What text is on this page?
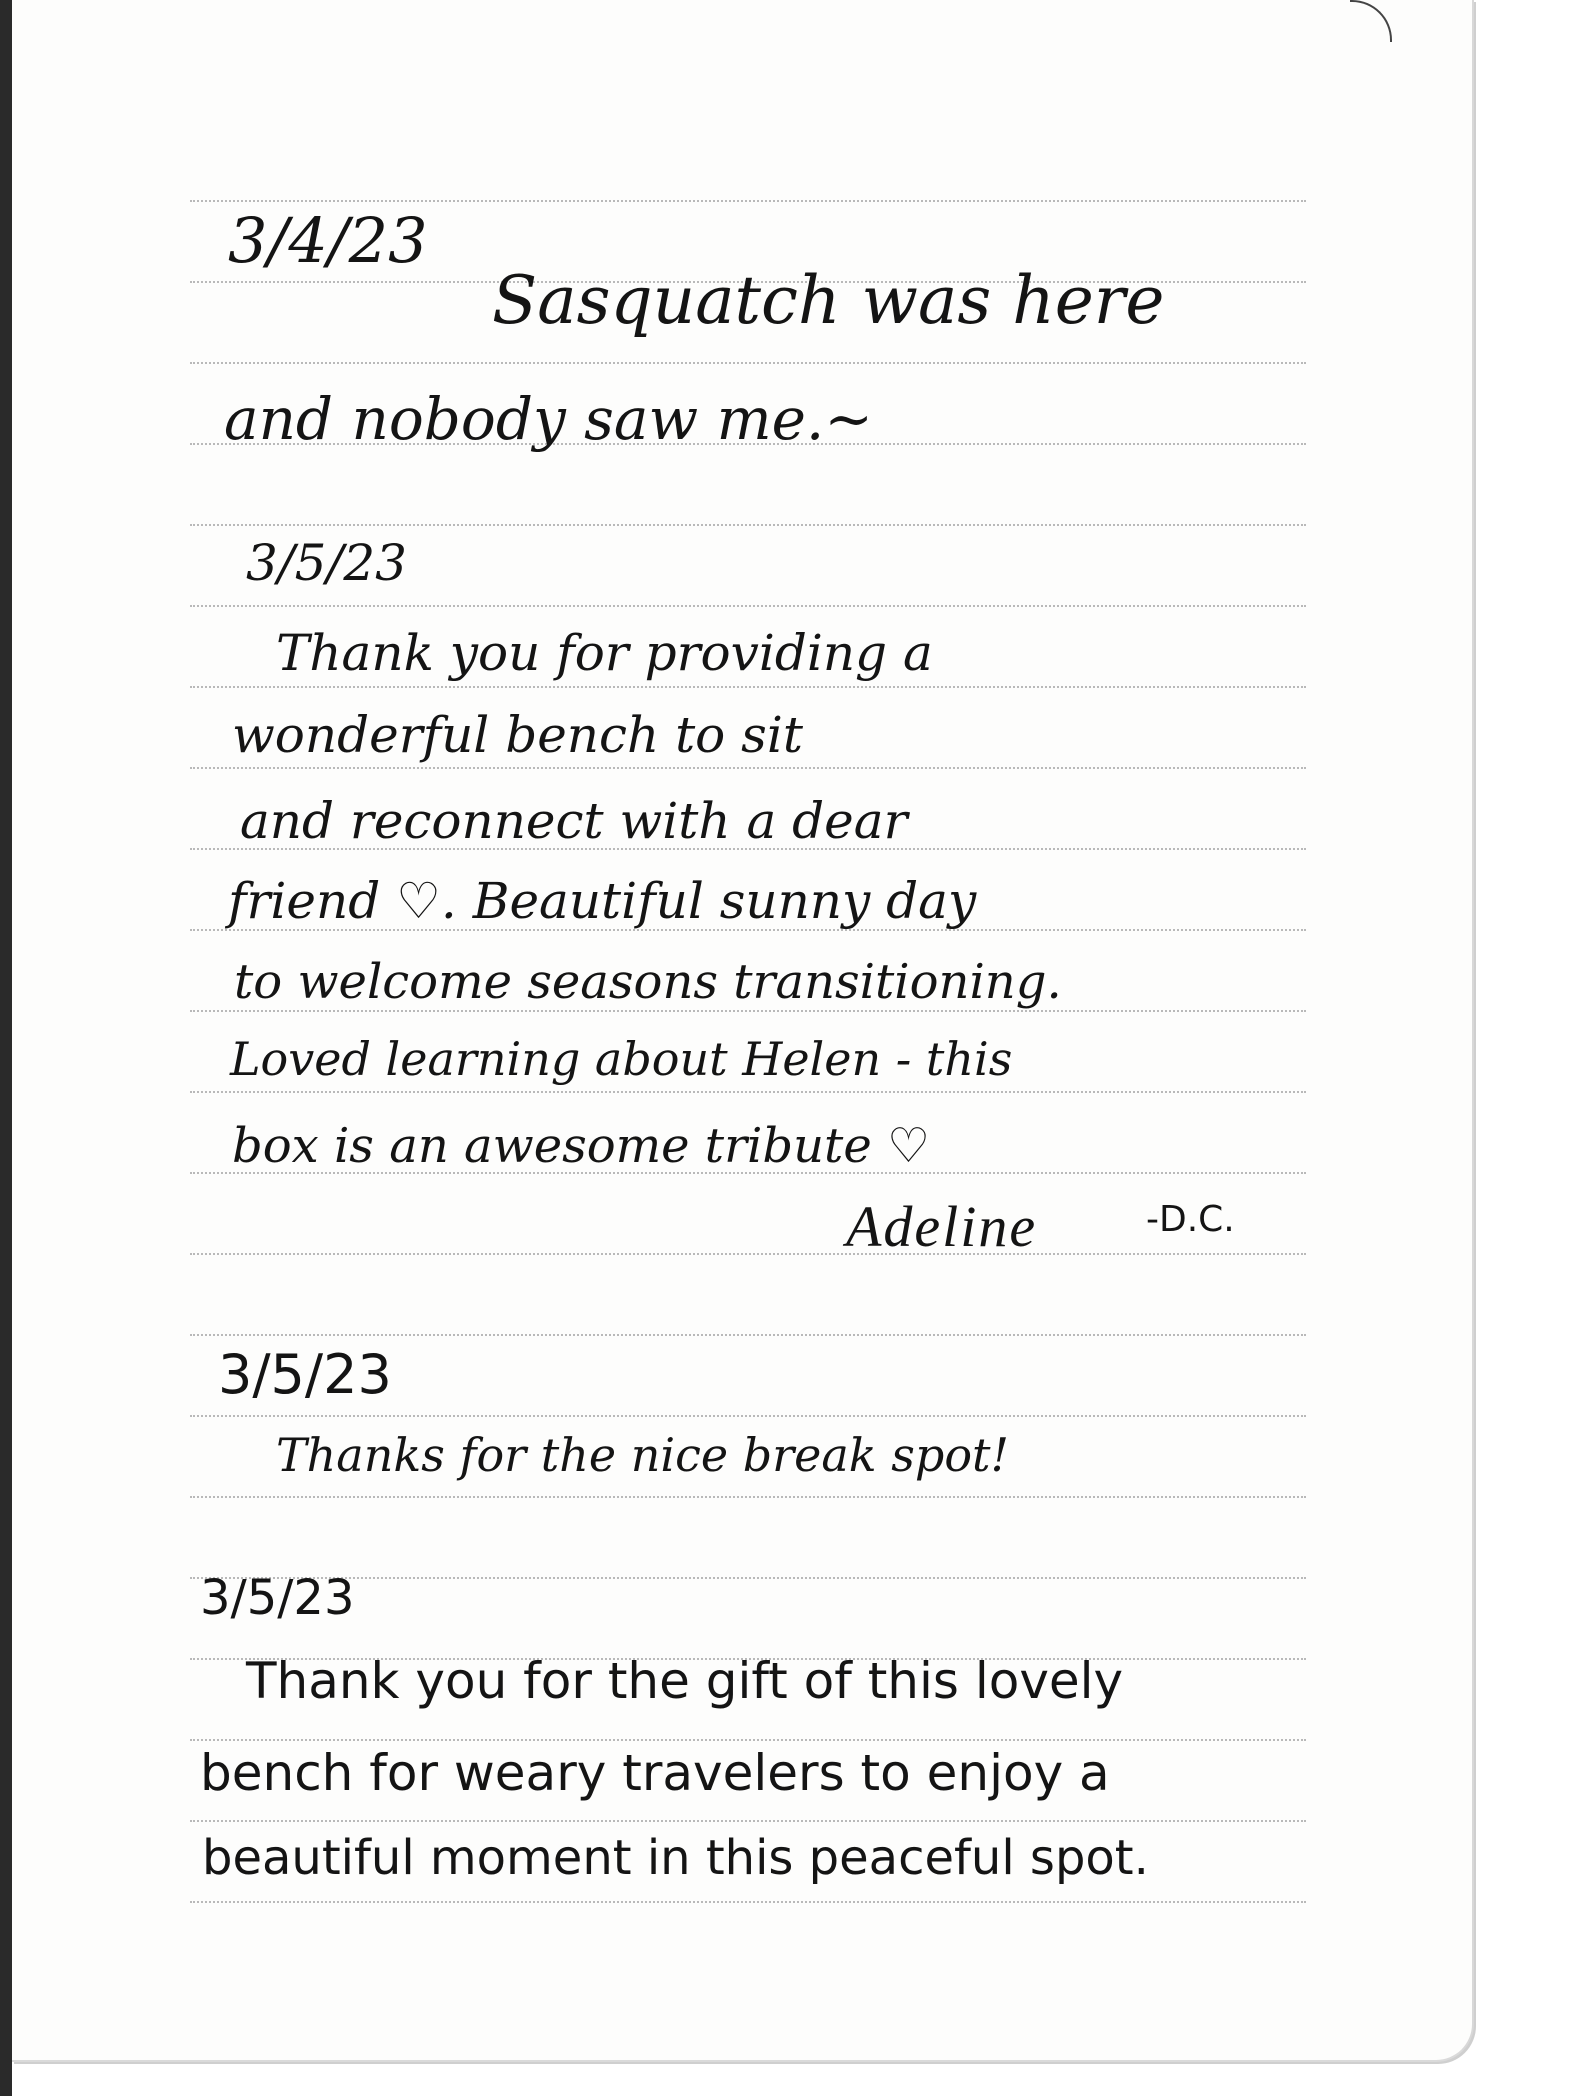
3/4/23

Sasquatch was here

and nobody saw me.~

3/5/23

Thank you for providing a

wonderful bench to sit

and reconnect with a dear

friend ♡. Beautiful sunny day

to welcome seasons transitioning.

Loved learning about Helen - this

box is an awesome tribute ♡

Adeline	-D.C.

3/5/23

Thanks for the nice break spot!

3/5/23

Thank you for the gift of this lovely

bench for weary travelers to enjoy a

beautiful moment in this peaceful spot.
